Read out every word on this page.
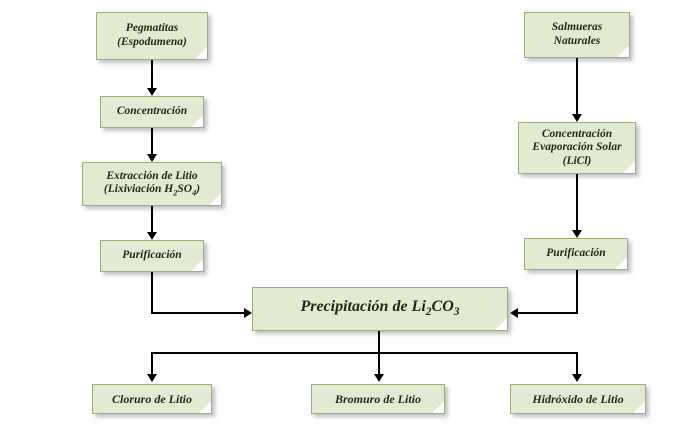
Pegmatitas
(Espodumena)
Concentración
Extracción de Litio
(Lixiviación $H_2SO_4$)
Purificación
Salmueras
Naturales
Concentración
Evaporación Solar
(LiCl)
Purificación
Precipitación de $Li_2CO_3$
Cloruro de Litio	Bromuro de Litio	Hidróxido de Litio
